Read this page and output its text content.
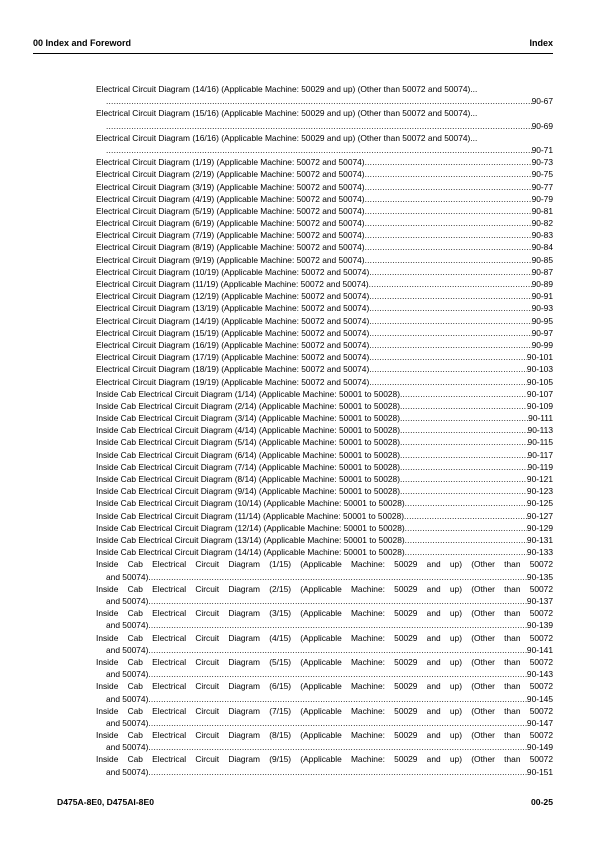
00 Index and Foreword	Index
Electrical Circuit Diagram (14/16) (Applicable Machine: 50029 and up) (Other than 50072 and 50074)...
.....
90-67
Electrical Circuit Diagram (15/16) (Applicable Machine: 50029 and up) (Other than 50072 and 50074)...
.....
90-69
Electrical Circuit Diagram (16/16) (Applicable Machine: 50029 and up) (Other than 50072 and 50074)...
.....
90-71
Electrical Circuit Diagram (1/19) (Applicable Machine: 50072 and 50074) .....	90-73
Electrical Circuit Diagram (2/19) (Applicable Machine: 50072 and 50074) .....	90-75
Electrical Circuit Diagram (3/19) (Applicable Machine: 50072 and 50074) .....	90-77
Electrical Circuit Diagram (4/19) (Applicable Machine: 50072 and 50074) .....	90-79
Electrical Circuit Diagram (5/19) (Applicable Machine: 50072 and 50074) .....	90-81
Electrical Circuit Diagram (6/19) (Applicable Machine: 50072 and 50074) .....	90-82
Electrical Circuit Diagram (7/19) (Applicable Machine: 50072 and 50074) .....	90-83
Electrical Circuit Diagram (8/19) (Applicable Machine: 50072 and 50074) .....	90-84
Electrical Circuit Diagram (9/19) (Applicable Machine: 50072 and 50074) .....	90-85
Electrical Circuit Diagram (10/19) (Applicable Machine: 50072 and 50074) .....	90-87
Electrical Circuit Diagram (11/19) (Applicable Machine: 50072 and 50074) .....	90-89
Electrical Circuit Diagram (12/19) (Applicable Machine: 50072 and 50074) .....	90-91
Electrical Circuit Diagram (13/19) (Applicable Machine: 50072 and 50074) .....	90-93
Electrical Circuit Diagram (14/19) (Applicable Machine: 50072 and 50074) .....	90-95
Electrical Circuit Diagram (15/19) (Applicable Machine: 50072 and 50074) .....	90-97
Electrical Circuit Diagram (16/19) (Applicable Machine: 50072 and 50074) .....	90-99
Electrical Circuit Diagram (17/19) (Applicable Machine: 50072 and 50074) .....	90-101
Electrical Circuit Diagram (18/19) (Applicable Machine: 50072 and 50074) .....	90-103
Electrical Circuit Diagram (19/19) (Applicable Machine: 50072 and 50074) .....	90-105
Inside Cab Electrical Circuit Diagram (1/14) (Applicable Machine: 50001 to 50028) .....	90-107
Inside Cab Electrical Circuit Diagram (2/14) (Applicable Machine: 50001 to 50028) .....	90-109
Inside Cab Electrical Circuit Diagram (3/14) (Applicable Machine: 50001 to 50028) .....	90-111
Inside Cab Electrical Circuit Diagram (4/14) (Applicable Machine: 50001 to 50028) .....	90-113
Inside Cab Electrical Circuit Diagram (5/14) (Applicable Machine: 50001 to 50028) .....	90-115
Inside Cab Electrical Circuit Diagram (6/14) (Applicable Machine: 50001 to 50028) .....	90-117
Inside Cab Electrical Circuit Diagram (7/14) (Applicable Machine: 50001 to 50028) .....	90-119
Inside Cab Electrical Circuit Diagram (8/14) (Applicable Machine: 50001 to 50028) .....	90-121
Inside Cab Electrical Circuit Diagram (9/14) (Applicable Machine: 50001 to 50028) .....	90-123
Inside Cab Electrical Circuit Diagram (10/14) (Applicable Machine: 50001 to 50028) .....	90-125
Inside Cab Electrical Circuit Diagram (11/14) (Applicable Machine: 50001 to 50028) .....	90-127
Inside Cab Electrical Circuit Diagram (12/14) (Applicable Machine: 50001 to 50028) .....	90-129
Inside Cab Electrical Circuit Diagram (13/14) (Applicable Machine: 50001 to 50028) .....	90-131
Inside Cab Electrical Circuit Diagram (14/14) (Applicable Machine: 50001 to 50028) .....	90-133
Inside Cab Electrical Circuit Diagram (1/15) (Applicable Machine: 50029 and up) (Other than 50072
and 50074) .....	90-135
Inside Cab Electrical Circuit Diagram (2/15) (Applicable Machine: 50029 and up) (Other than 50072
and 50074) .....	90-137
Inside Cab Electrical Circuit Diagram (3/15) (Applicable Machine: 50029 and up) (Other than 50072
and 50074) .....	90-139
Inside Cab Electrical Circuit Diagram (4/15) (Applicable Machine: 50029 and up) (Other than 50072
and 50074) .....	90-141
Inside Cab Electrical Circuit Diagram (5/15) (Applicable Machine: 50029 and up) (Other than 50072
and 50074) .....	90-143
Inside Cab Electrical Circuit Diagram (6/15) (Applicable Machine: 50029 and up) (Other than 50072
and 50074) .....	90-145
Inside Cab Electrical Circuit Diagram (7/15) (Applicable Machine: 50029 and up) (Other than 50072
and 50074) .....	90-147
Inside Cab Electrical Circuit Diagram (8/15) (Applicable Machine: 50029 and up) (Other than 50072
and 50074) .....	90-149
Inside Cab Electrical Circuit Diagram (9/15) (Applicable Machine: 50029 and up) (Other than 50072
and 50074) .....	90-151
D475A-8E0, D475AI-8E0	00-25
